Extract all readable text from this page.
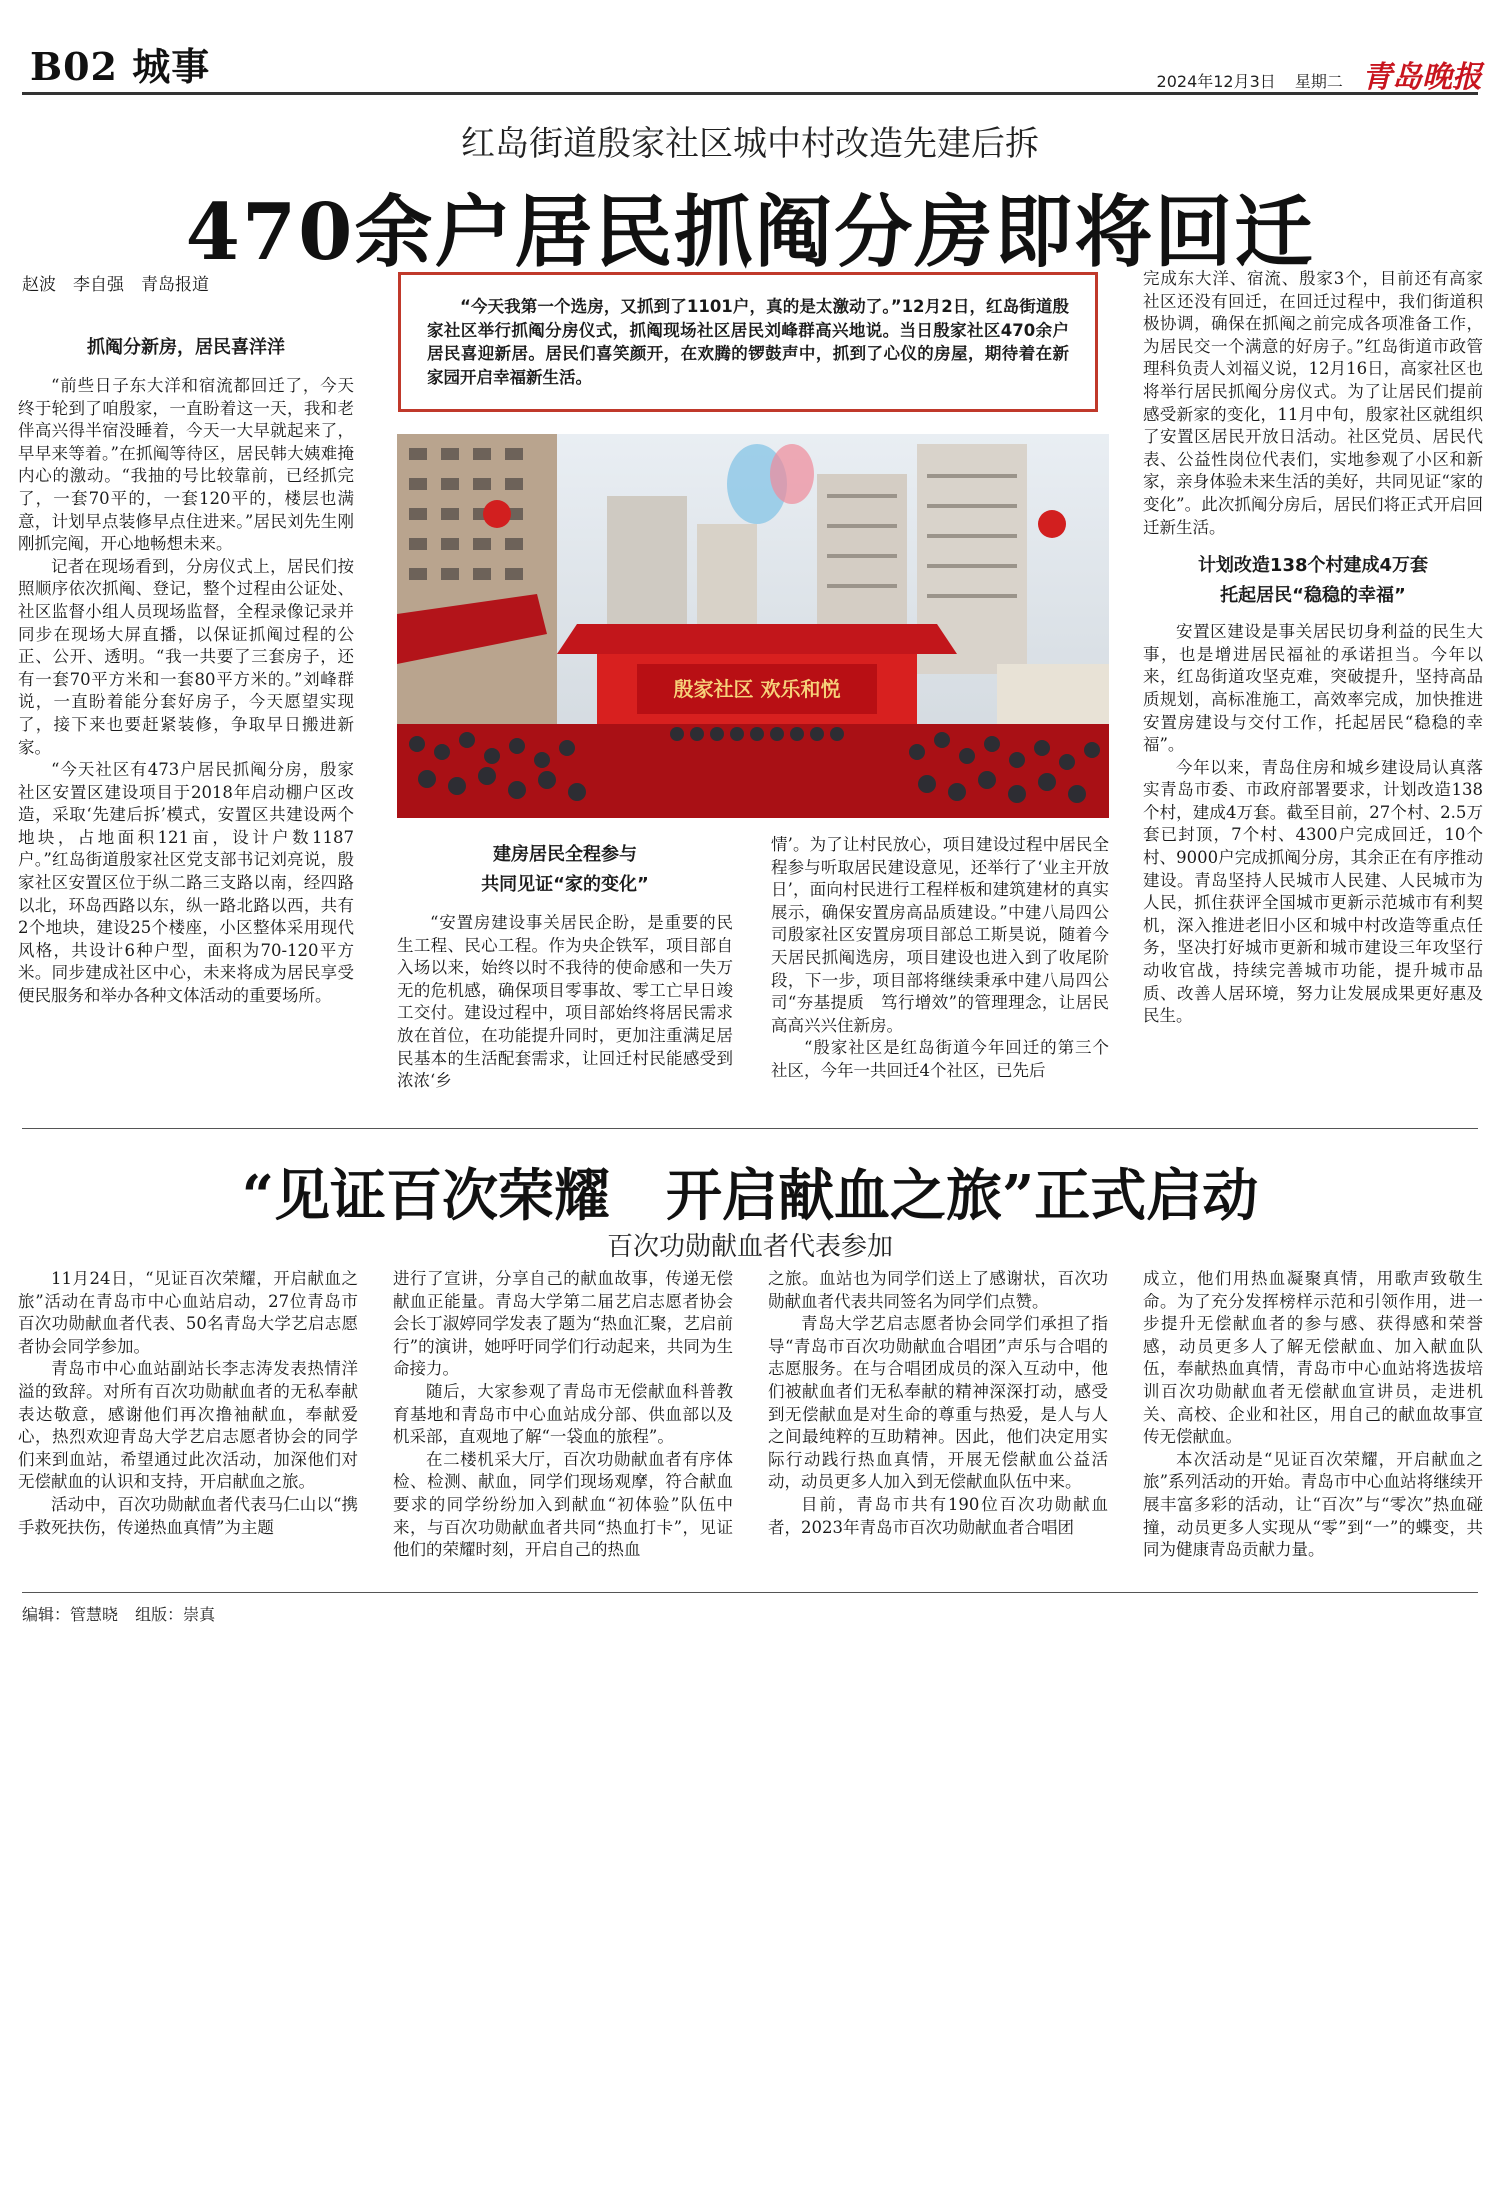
B02 城事	2024年12月3日 星期二 青岛晚报
红岛街道殷家社区城中村改造先建后拆
470余户居民抓阄分房即将回迁
赵波　李自强　青岛报道
抓阄分新房，居民喜洋洋

“前些日子东大洋和宿流都回迁了，今天终于轮到了咱殷家，一直盼着这一天，我和老伴高兴得半宿没睡着，今天一大早就起来了，早早来等着。”在抓阄等待区，居民韩大姨难掩内心的激动。“我抽的号比较靠前，已经抓完了，一套70平的，一套120平的，楼层也满意，计划早点装修早点住进来。”居民刘先生刚刚抓完阄，开心地畅想未来。

记者在现场看到，分房仪式上，居民们按照顺序依次抓阄、登记，整个过程由公证处、社区监督小组人员现场监督，全程录像记录并同步在现场大屏直播，以保证抓阄过程的公正、公开、透明。“我一共要了三套房子，还有一套70平方米和一套80平方米的。”刘峰群说，一直盼着能分套好房子，今天愿望实现了，接下来也要赶紧装修，争取早日搬进新家。

“今天社区有473户居民抓阄分房，殷家社区安置区建设项目于2018年启动棚户区改造，采取‘先建后拆’模式，安置区共建设两个地块，占地面积121亩，设计户数1187户。”红岛街道殷家社区党支部书记刘亮说，殷家社区安置区位于纵二路三支路以南，经四路以北，环岛西路以东，纵一路北路以西，共有2个地块，建设25个楼座，小区整体采用现代风格，共设计6种户型，面积为70-120平方米。同步建成社区中心，未来将成为居民享受便民服务和举办各种文体活动的重要场所。

“今天我第一个选房，又抓到了1101户，真的是太激动了。”12月2日，红岛街道殷家社区举行抓阄分房仪式，抓阄现场社区居民刘峰群高兴地说。当日殷家社区470余户居民喜迎新居。居民们喜笑颜开，在欢腾的锣鼓声中，抓到了心仪的房屋，期待着在新家园开启幸福新生活。

殷家社区 欢乐和悦
建房居民全程参与
共同见证“家的变化”

“安置房建设事关居民企盼，是重要的民生工程、民心工程。作为央企铁军，项目部自入场以来，始终以时不我待的使命感和一失万无的危机感，确保项目零事故、零工亡早日竣工交付。建设过程中，项目部始终将居民需求放在首位，在功能提升同时，更加注重满足居民基本的生活配套需求，让回迁村民能感受到浓浓‘乡

情’。为了让村民放心，项目建设过程中居民全程参与听取居民建设意见，还举行了‘业主开放日’，面向村民进行工程样板和建筑建材的真实展示，确保安置房高品质建设。”中建八局四公司殷家社区安置房项目部总工斯昊说，随着今天居民抓阄选房，项目建设也进入到了收尾阶段，下一步，项目部将继续秉承中建八局四公司“夯基提质　笃行增效”的管理理念，让居民高高兴兴住新房。

“殷家社区是红岛街道今年回迁的第三个社区，今年一共回迁4个社区，已先后

完成东大洋、宿流、殷家3个，目前还有高家社区还没有回迁，在回迁过程中，我们街道积极协调，确保在抓阄之前完成各项准备工作，为居民交一个满意的好房子。”红岛街道市政管理科负责人刘福义说，12月16日，高家社区也将举行居民抓阄分房仪式。为了让居民们提前感受新家的变化，11月中旬，殷家社区就组织了安置区居民开放日活动。社区党员、居民代表、公益性岗位代表们，实地参观了小区和新家，亲身体验未来生活的美好，共同见证“家的变化”。此次抓阄分房后，居民们将正式开启回迁新生活。

计划改造138个村建成4万套
托起居民“稳稳的幸福”

安置区建设是事关居民切身利益的民生大事，也是增进居民福祉的承诺担当。今年以来，红岛街道攻坚克难，突破提升，坚持高品质规划，高标准施工，高效率完成，加快推进安置房建设与交付工作，托起居民“稳稳的幸福”。

今年以来，青岛住房和城乡建设局认真落实青岛市委、市政府部署要求，计划改造138个村，建成4万套。截至目前，27个村、2.5万套已封顶，7个村、4300户完成回迁，10个村、9000户完成抓阄分房，其余正在有序推动建设。青岛坚持人民城市人民建、人民城市为人民，抓住获评全国城市更新示范城市有利契机，深入推进老旧小区和城中村改造等重点任务，坚决打好城市更新和城市建设三年攻坚行动收官战，持续完善城市功能，提升城市品质、改善人居环境，努力让发展成果更好惠及民生。

“见证百次荣耀　开启献血之旅”正式启动
百次功勋献血者代表参加

11月24日，“见证百次荣耀，开启献血之旅”活动在青岛市中心血站启动，27位青岛市百次功勋献血者代表、50名青岛大学艺启志愿者协会同学参加。

青岛市中心血站副站长李志涛发表热情洋溢的致辞。对所有百次功勋献血者的无私奉献表达敬意，感谢他们再次撸袖献血，奉献爱心，热烈欢迎青岛大学艺启志愿者协会的同学们来到血站，希望通过此次活动，加深他们对无偿献血的认识和支持，开启献血之旅。

活动中，百次功勋献血者代表马仁山以“携手救死扶伤，传递热血真情”为主题

进行了宣讲，分享自己的献血故事，传递无偿献血正能量。青岛大学第二届艺启志愿者协会会长丁淑婷同学发表了题为“热血汇聚，艺启前行”的演讲，她呼吁同学们行动起来，共同为生命接力。

随后，大家参观了青岛市无偿献血科普教育基地和青岛市中心血站成分部、供血部以及机采部，直观地了解“一袋血的旅程”。

在二楼机采大厅，百次功勋献血者有序体检、检测、献血，同学们现场观摩，符合献血要求的同学纷纷加入到献血“初体验”队伍中来，与百次功勋献血者共同“热血打卡”，见证他们的荣耀时刻，开启自己的热血

之旅。血站也为同学们送上了感谢状，百次功勋献血者代表共同签名为同学们点赞。

青岛大学艺启志愿者协会同学们承担了指导“青岛市百次功勋献血合唱团”声乐与合唱的志愿服务。在与合唱团成员的深入互动中，他们被献血者们无私奉献的精神深深打动，感受到无偿献血是对生命的尊重与热爱，是人与人之间最纯粹的互助精神。因此，他们决定用实际行动践行热血真情，开展无偿献血公益活动，动员更多人加入到无偿献血队伍中来。

目前，青岛市共有190位百次功勋献血者，2023年青岛市百次功勋献血者合唱团

成立，他们用热血凝聚真情，用歌声致敬生命。为了充分发挥榜样示范和引领作用，进一步提升无偿献血者的参与感、获得感和荣誉感，动员更多人了解无偿献血、加入献血队伍，奉献热血真情，青岛市中心血站将选拔培训百次功勋献血者无偿献血宣讲员，走进机关、高校、企业和社区，用自己的献血故事宣传无偿献血。

本次活动是“见证百次荣耀，开启献血之旅”系列活动的开始。青岛市中心血站将继续开展丰富多彩的活动，让“百次”与“零次”热血碰撞，动员更多人实现从“零”到“一”的蝶变，共同为健康青岛贡献力量。

编辑：管慧晓 组版：崇真
